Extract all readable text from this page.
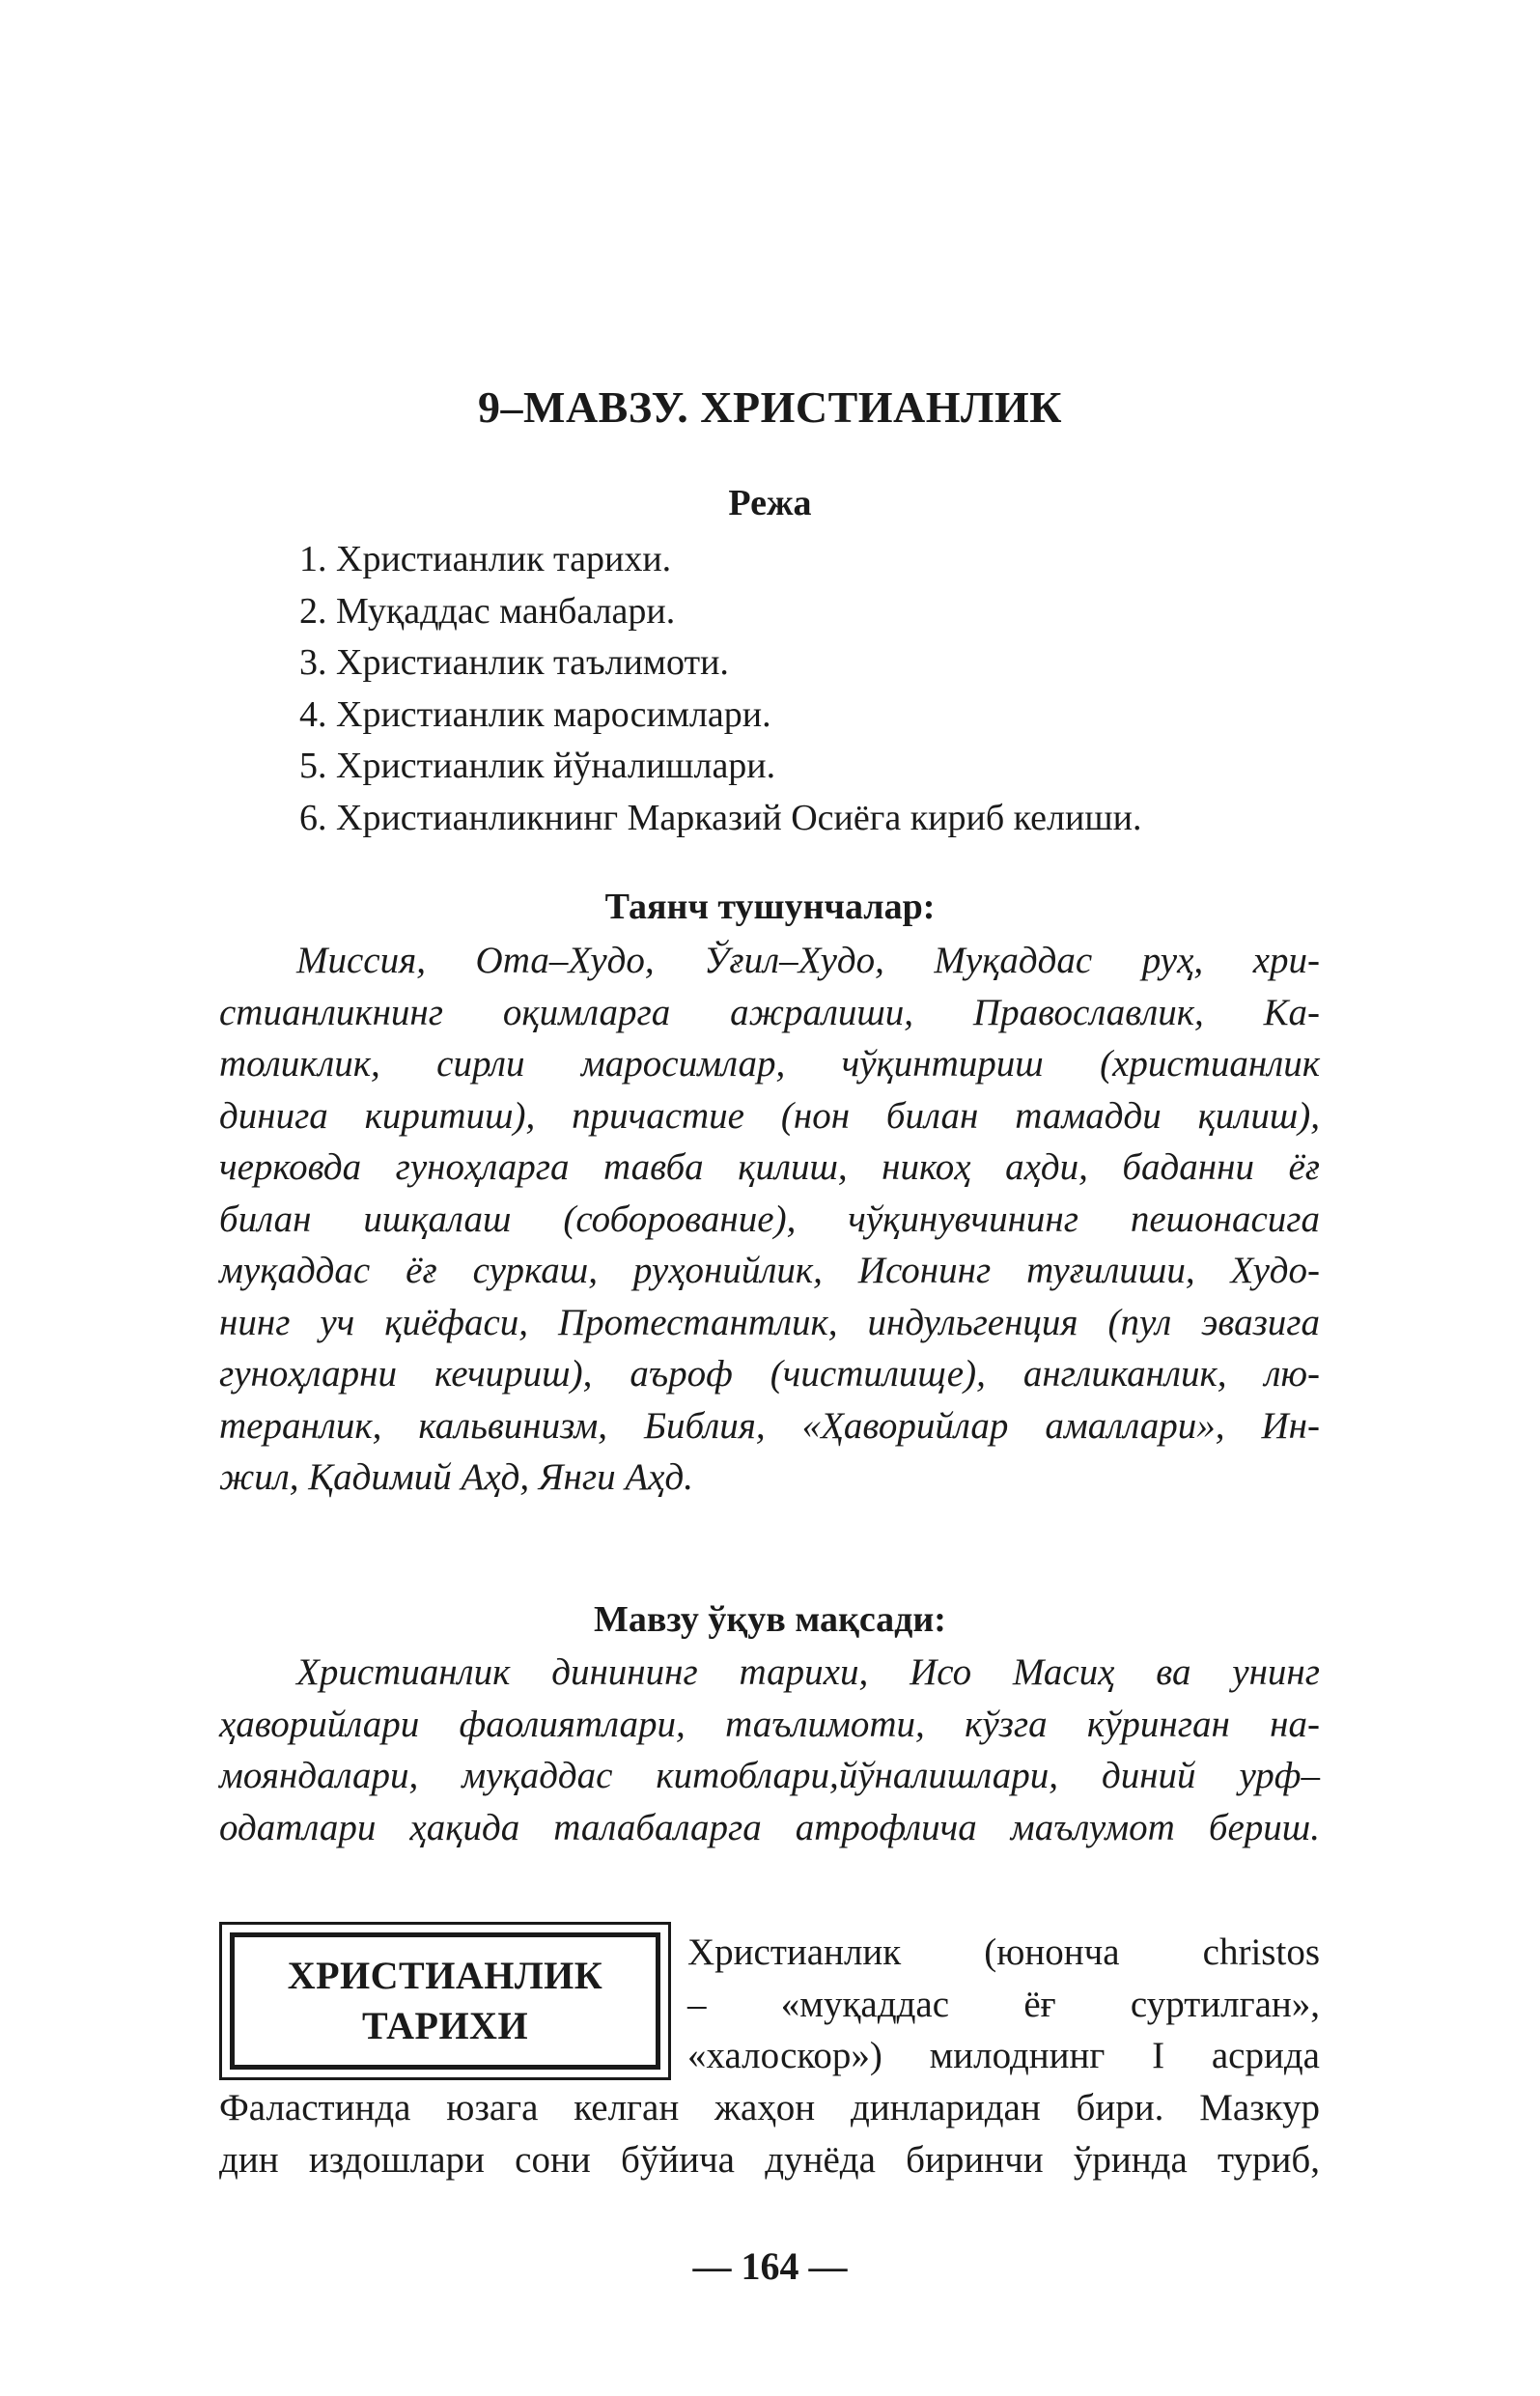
9–МАВЗУ. ХРИСТИАНЛИК
Режа
1. Христианлик тарихи.
2. Муқаддас манбалари.
3. Христианлик таълимоти.
4. Христианлик маросимлари.
5. Христианлик йўналишлари.
6. Христианликнинг Марказий Осиёга кириб келиши.
Таянч тушунчалар:
Миссия, Ота–Худо, Ўғил–Худо, Муқаддас руҳ, хри-
стианликнинг оқимларга ажралиши, Православлик, Ка-
толиклик, сирли маросимлар, чўқинтириш (христианлик
динига киритиш), причастие (нон билан тамадди қилиш),
черковда гуноҳларга тавба қилиш, никоҳ аҳди, баданни ёғ
билан ишқалаш (соборование), чўқинувчининг пешонасига
муқаддас ёғ суркаш, руҳонийлик, Исонинг туғилиши, Худо-
нинг уч қиёфаси, Протестантлик, индульгенция (пул эвазига
гуноҳларни кечириш), аъроф (чистилище), англиканлик, лю-
теранлик, кальвинизм, Библия, «Ҳаворийлар амаллари», Ин-
жил, Қадимий Аҳд, Янги Аҳд.
Мавзу ўқув мақсади:
Христианлик динининг тарихи, Исо Масиҳ ва унинг
ҳаворийлари фаолиятлари, таълимоти, кўзга кўринган на-
мояндалари, муқаддас китоблари,йўналишлари, диний урф–
одатлари ҳақида талабаларга атрофлича маълумот бериш.
ХРИСТИАНЛИК
ТАРИХИ
Христианлик (юнонча christos
– «муқаддас ёғ суртилган»,
«халоскор») милоднинг I асрида
Фаластинда юзага келган жаҳон динларидан бири. Мазкур
дин издошлари сони бўйича дунёда биринчи ўринда туриб,
— 164 —
